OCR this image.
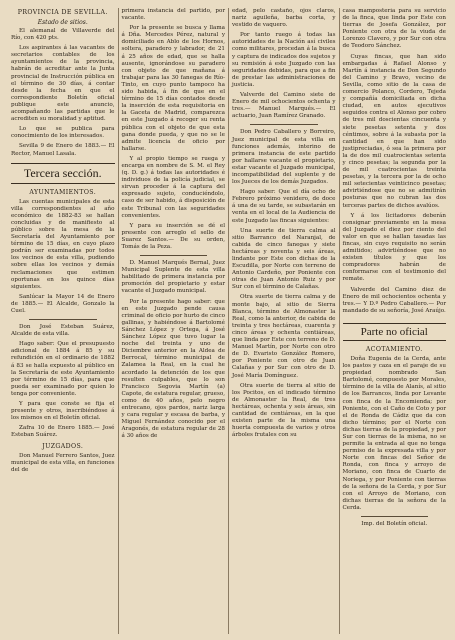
PROVINCIA DE SEVILLA.
Estado de sitios.

El alemanal de Villaverde del Río, con 420 pts.

Los aspirantes á las vacantes de secretarios contables de los ayuntamientos de la provincia, habrán de acreditar ante la Junta provincial de Instrucción pública en el término de 30 días, á contar desde la fecha en que el correspondiente Boletín oficial publique este anuncio, acompañando las partidas que le acrediten su moralidad y aptitud.

Lo que se publica para conocimiento de los interesados.

Sevilla 9 de Enero de 1883.— El Rector, Manuel Lasala.

Tercera sección.
AYUNTAMIENTOS.

Las cuentas municipales de esta villa correspondientes al año económico de 1882-83 se hallan concluidas y de manifiesto al público sobre la mesa de la Secretaría del Ayuntamiento por término de 15 días, en cuyo plazo podrán ser examinadas por todos los vecinos de esta villa, pudiendo sobre ellas los vecinos y demás reclamaciones que estimen oportunas en los quince días siguientes.

Sanlúcar la Mayor 14 de Enero de 1885.— El Alcalde, Gonzalo la Cuel.

Don José Esteban Suárez, Alcalde de esta villa.

Hago saber: Que el presupuesto adicional de 1884 á 85 y su refundición en el ordinario de 1882 á 83 se halla expuesto al público en la Secretaría de este Ayuntamiento por término de 15 días, para que pueda ser examinado por quien lo tenga por conveniente.

Y para que conste se fija el presente y otros, inscribiéndose á los mismos en el Boletín oficial.

Zafra 10 de Enero 1885.— José Esteban Suárez.

JUZGADOS.

Don Manuel Ferrero Santos, Juez municipal de esta villa, en funciones del de

primera instancia del partido, por vacante.

Por la presente se busca y llama á Dña. Mercedes Pérez, natural y domiciliado en Ablo de los Hornos, soltera, paradero y labrador, de 21 á 25 años de edad, que se halla ausente, ignorándose su paradero con objeto de que mañana á trabajar para las 30 fanegas de Río-Tinto, en cuyo punto tampoco ha sido habida, á fin de que en el término de 15 días contados desde la inserción de esta requisitoria en la Gaceta de Madrid, comparezca en este Juzgado á recoger su renta pública con el objeto de que esta gana donde pueda, y que no se le admite licencia de oficio por hallarse.

Y al propio tiempo se ruega y encarga en nombre de S. M. el Rey (q. D. g.) á todas las autoridades é individuos de la policía judicial, se sirvan proceder á la captura del expresado sujeto, conduciéndolo, caso de ser habido, á disposición de este Tribunal con las seguridades convenientes.

Y para su inserción se dé el presente con arreglo el sello de Suarez Santos.— De su orden, Tomás de la Peza.

D. Manuel Marqués Bernal, Juez Municipal Suplente de esta villa habilitado de primera instancia por promoción del propietario y estar vacante el Juzgado municipal.

Por la presente hago saber: que en este Juzgado pende causa criminal de oficio por hurto de cinco gallinas, y habiéndose á Bartolomé Sánchez López y Ortega, á José Sánchez López que tuvo lugar la noche del treinta y uno de Diciembre anterior en la Aldea de Berrocal, término municipal de Zalamea la Real, en la cual he acordado la detención de los que resulten culpables, que lo son Francisco Segovia Martín (a) Capote, de estatura regular, grueso, como de 40 años, pelo negro entrecano, ojos pardos, nariz larga y cara regular y escasa de barba, y Miguel Fernández conocido por el Aragonés, de estatura regular de 28 á 30 años de

edad, pelo castaño, ojos claros, nariz aguileña, barba corta, y vestido de vaquero.

Por tanto ruego á todas las autoridades de la Nación así civiles como militares, procedan á la busca y captura de indicados dos sujetos y su remisión á este Juzgado con las seguridades debidas, para que a fin de prestar las administraciones de justicia.

Valverde del Camino siete de Enero de mil ochocientos ochenta y tres.— Manuel Marqués.— El actuario, Juan Ramírez Granado.

Don Pedro Caballero y Borreiro, Juez municipal de esta villa en funciones además, interino de primera instancia de este partido por hallarse vacante el propietario, estar vacante el Juzgado municipal, incompatibilidad del suplente y de los Jueces de los demás Juzgados.

Hago saber: Que el día ocho de Febrero próximo venidero, de doce á una de su tarde, se subastarán en venta en el local de la Audiencia de este Juzgado las fincas siguientes:

Una suerte de tierra calma al sitio Barranco del Naranjal, de cabida de cinco fanegas y siete hectáreas y noventa y seis áreas, lindante por Este con dichas de la Escudilla, por Norte con terreno de Antonio Cardeño, por Poniente con otras de Juan Antonio Ruiz y por Sur con el término de Calañas.

Otra suerte de tierra calma y de monte bajo, al sitio de Sierra Blanca, término de Almonaster la Real, como la anterior, de cabida de treinta y tres hectáreas, cuarenta y cinco áreas y ochenta centiáreas, que linda por Este con terreno de D. Manuel Martín, por Norte con otro de D. Evaristo González Romero, por Poniente con otro de Juan Calañas y por Sur con otro de D. José María Domínguez.

Otra suerte de tierra al sitio de los Pocitos, en el indicado término de Almonaster la Real, de tres hectáreas, ochenta y seis áreas, sin cantidad de centiáreas, en la que existen parte de la misma una huerta compuesta de varios y otros árboles frutales con su

casa mampostería para su servicio de la finca, que linda por Este con tierras de Josefa González, por Poniente con otra de la viuda de Lorenzo Clavero, y por Sur con otra de Teodoro Sánchez.

Cuyas fincas, que han sido embargadas á Rafael Alonso y Martín á instancia de Don Segundo del Camino y Bravo, vecino de Sevilla, como sitio de la casa de comercio Polanco, Cordero, Tejeda y compañía domiciliada en dicha ciudad, en autos ejecutivos seguidos contra el Alonso por cobro de tres mil doscientas cincuenta y siete pesetas setenta y dos céntimos, sobre á la subasta por la cantidad en que han sido justipreciadas, ó sea la primera por la de dos mil cuatrocientas setenta y cinco pesetas; la segunda por la de mil cuatrocientas treinta pesetas, y la tercera por la de ocho mil setecientas veinticinco pesetas; advirtiéndose que no se admitirán posturas que no cubran las dos terceras partes de dichos avalúos.

Y á los licitadores deberán consignar previamente en la mesa del Juzgado el diez por ciento del valor en que se hallan tasadas las fincas, sin cuyo requisito no serán admitidos; advirtiéndose que no existen títulos y que los compradores habrán de conformarse con el testimonio del remate.

Valverde del Camino diez de Enero de mil ochocientos ochenta y tres.— Y D.º Pedro Caballero.— Por mandado de su señoría, José Araújo.

Parte no oficial
ACOTAMIENTO.

Doña Eugenia de la Cerda, ante los pastos y caza en el paraje de su propiedad nombrado San Bartolomé, compuesto por Morales, término de la villa de Alanís, al sitio de los Barrancos, linda por Levante con finca de la Encomienda; por Poniente, con el Caño de Coto y por el de Ronda de Cádiz que da con dicho término; por el Norte con dichas tierras de la propiedad, y por Sur con tierras de la misma, no se permite la entrada al que no tenga permiso de la expresada villa y por Norte con fincas del Señor de Ronda, con finca y arroyo de Moriano, con finca de Cuarto de Noriega, y por Poniente con tierras de la señora de la Cerda, y por Sur con el Arroyo de Moriano, con dichas tierras de la señora de la Cerda.

Imp. del Boletín oficial.
